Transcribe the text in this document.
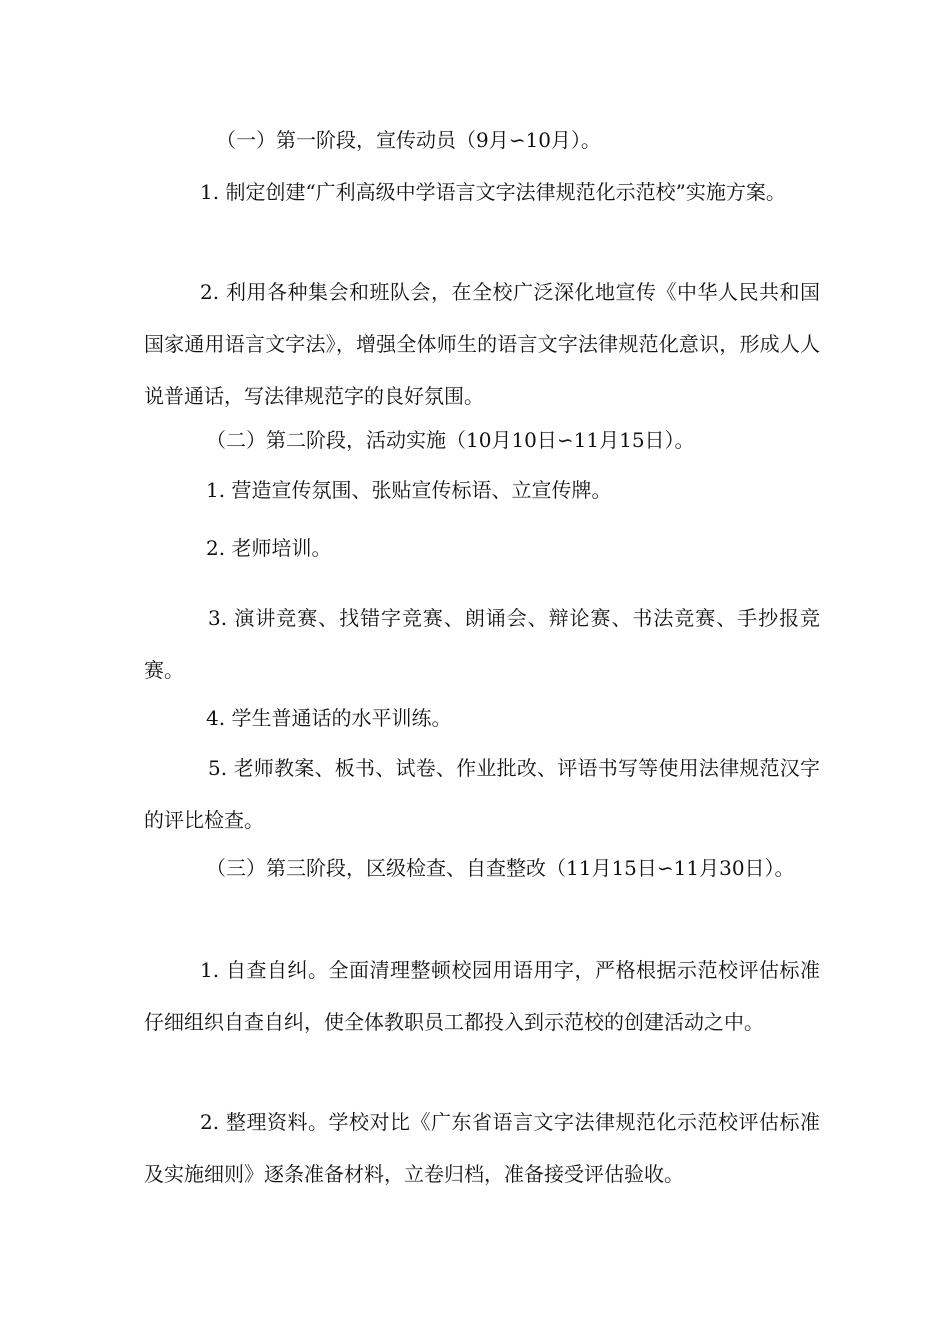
（一）第一阶段，宣传动员（9月∽10月）。

1. 制定创建“广利高级中学语言文字法律规范化示范校”实施方案。

2. 利用各种集会和班队会，在全校广泛深化地宣传《中华人民共和国国家通用语言文字法》，增强全体师生的语言文字法律规范化意识，形成人人说普通话，写法律规范字的良好氛围。

（二）第二阶段，活动实施（10月10日∽11月15日）。

1. 营造宣传氛围、张贴宣传标语、立宣传牌。

2. 老师培训。

3. 演讲竞赛、找错字竞赛、朗诵会、辩论赛、书法竞赛、手抄报竞赛。

4. 学生普通话的水平训练。

5. 老师教案、板书、试卷、作业批改、评语书写等使用法律规范汉字的评比检查。

（三）第三阶段，区级检查、自查整改（11月15日∽11月30日）。

1. 自查自纠。全面清理整顿校园用语用字，严格根据示范校评估标准仔细组织自查自纠，使全体教职员工都投入到示范校的创建活动之中。

2. 整理资料。学校对比《广东省语言文字法律规范化示范校评估标准及实施细则》逐条准备材料，立卷归档，准备接受评估验收。
